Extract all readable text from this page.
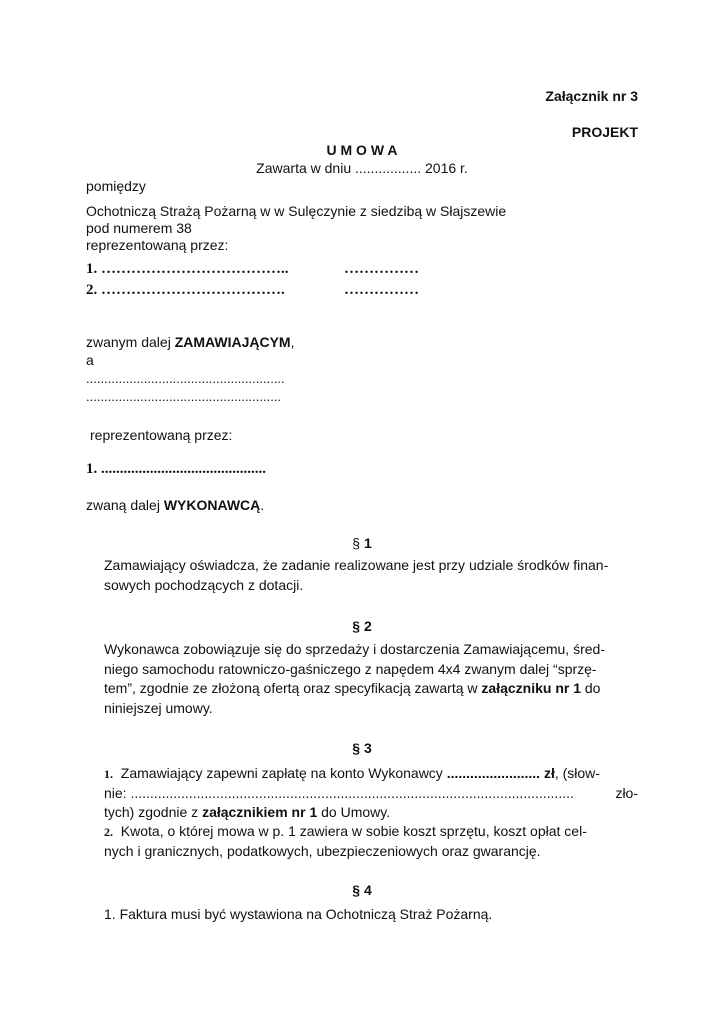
Załącznik nr 3
PROJEKT
U M O W A
Zawarta w dniu ................. 2016 r.
pomiędzy
Ochotniczą Strażą Pożarną w w Sulęczynie z siedzibą w Słajszewie
pod numerem 38
reprezentowaną przez:
1. ………………………………..	……………
2. ……………………………….	……………
zwanym dalej ZAMAWIAJĄCYM,
a
.......................................................
......................................................
reprezentowaną przez:
1. ............................................
zwaną dalej WYKONAWCĄ.
§ 1
Zamawiający oświadcza, że zadanie realizowane jest przy udziale środków finan-
sowych pochodzących z dotacji.
§ 2
Wykonawca zobowiązuje się do sprzedaży i dostarczenia Zamawiającemu, śred-
niego samochodu ratowniczo-gaśniczego z napędem 4x4 zwanym dalej “sprzę-
tem”, zgodnie ze złożoną ofertą oraz specyfikacją zawartą w załączniku nr 1 do
niniejszej umowy.
§ 3
1. Zamawiający zapewni zapłatę na konto Wykonawcy ........................ zł, (słow-
nie: ..................................................................................................................	zło-
tych) zgodnie z załącznikiem nr 1 do Umowy.
2. Kwota, o której mowa w p. 1 zawiera w sobie koszt sprzętu, koszt opłat cel-
nych i granicznych, podatkowych, ubezpieczeniowych oraz gwarancję.
§ 4
1. Faktura musi być wystawiona na Ochotniczą Straż Pożarną.
